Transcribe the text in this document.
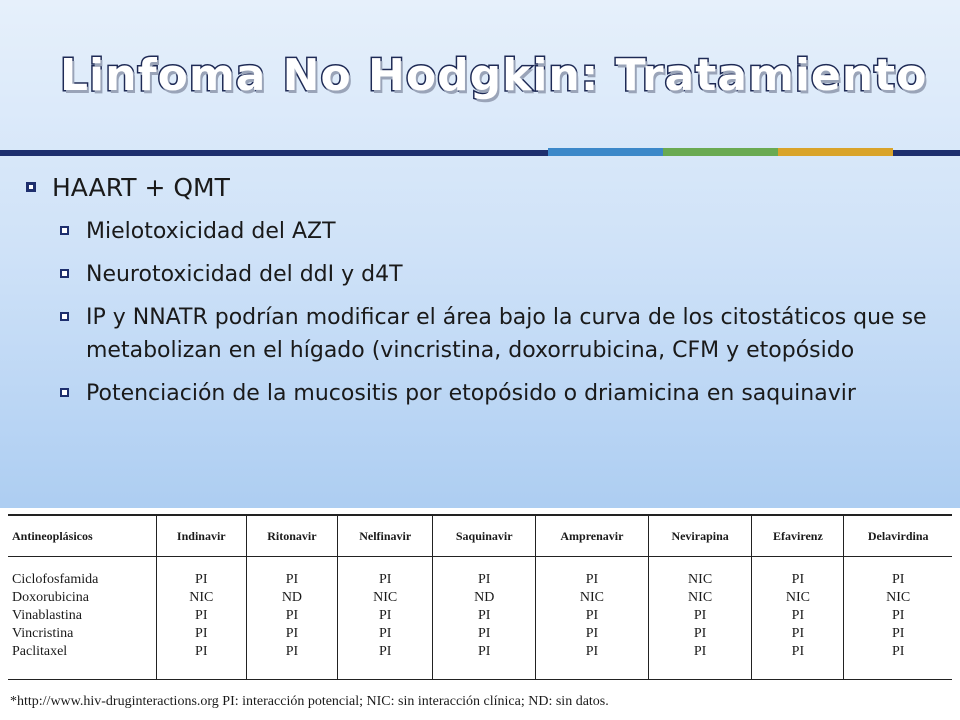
Linfoma No Hodgkin: Tratamiento
HAART + QMT
Mielotoxicidad del AZT
Neurotoxicidad del ddI y d4T
IP y NNATR podrían modificar el área bajo la curva de los citostáticos que se metabolizan en el hígado (vincristina, doxorrubicina, CFM y etopósido
Potenciación de la mucositis por etopósido o driamicina en saquinavir
Antineoplásicos	Indinavir	Ritonavir	Nelfinavir	Saquinavir	Amprenavir	Nevirapina	Efavirenz	Delavirdina
Ciclofosfamida	PI	PI	PI	PI	PI	NIC	PI	PI
Doxorubicina	NIC	ND	NIC	ND	NIC	NIC	NIC	NIC
Vinablastina	PI	PI	PI	PI	PI	PI	PI	PI
Vincristina	PI	PI	PI	PI	PI	PI	PI	PI
Paclitaxel	PI	PI	PI	PI	PI	PI	PI	PI
*http://www.hiv-druginteractions.org PI: interacción potencial; NIC: sin interacción clínica; ND: sin datos.
